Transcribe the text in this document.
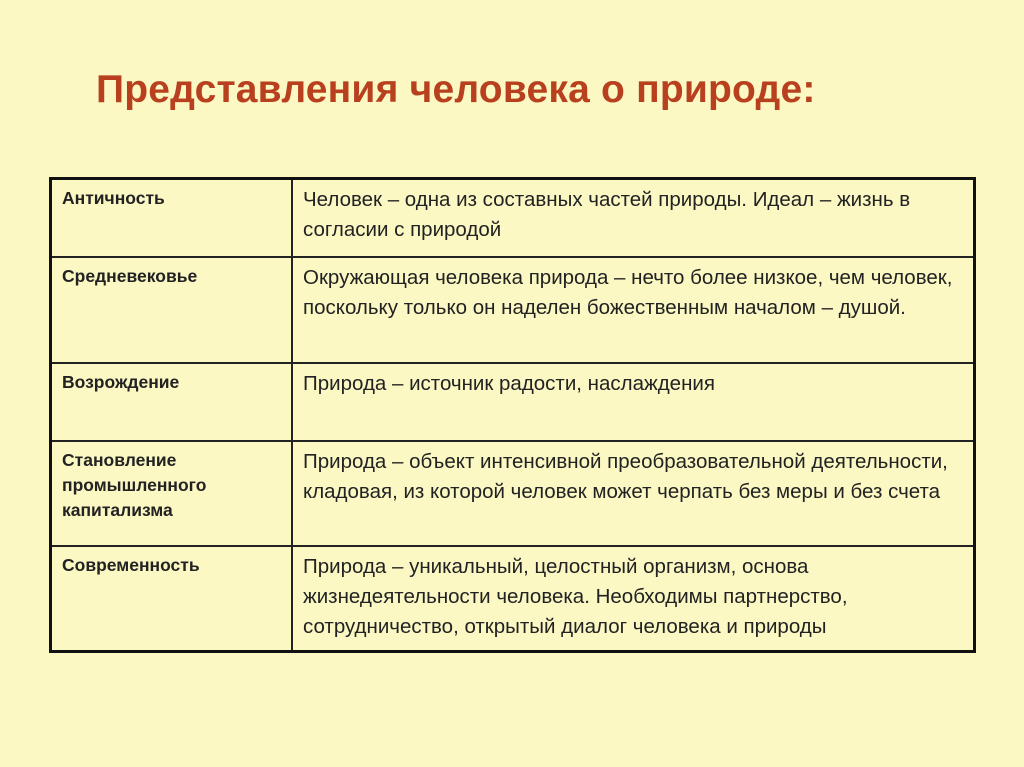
Представления человека о природе:
Античность	Человек – одна из составных частей природы. Идеал – жизнь в согласии с природой
Средневековье	Окружающая человека природа – нечто более низкое, чем человек, поскольку только он наделен божественным началом – душой.
Возрождение	Природа – источник радости, наслаждения
Становление промышленного капитализма	Природа – объект интенсивной преобразовательной деятельности, кладовая, из которой человек может черпать без меры и без счета
Современность	Природа – уникальный, целостный организм, основа жизнедеятельности человека. Необходимы партнерство, сотрудничество, открытый диалог человека и природы
